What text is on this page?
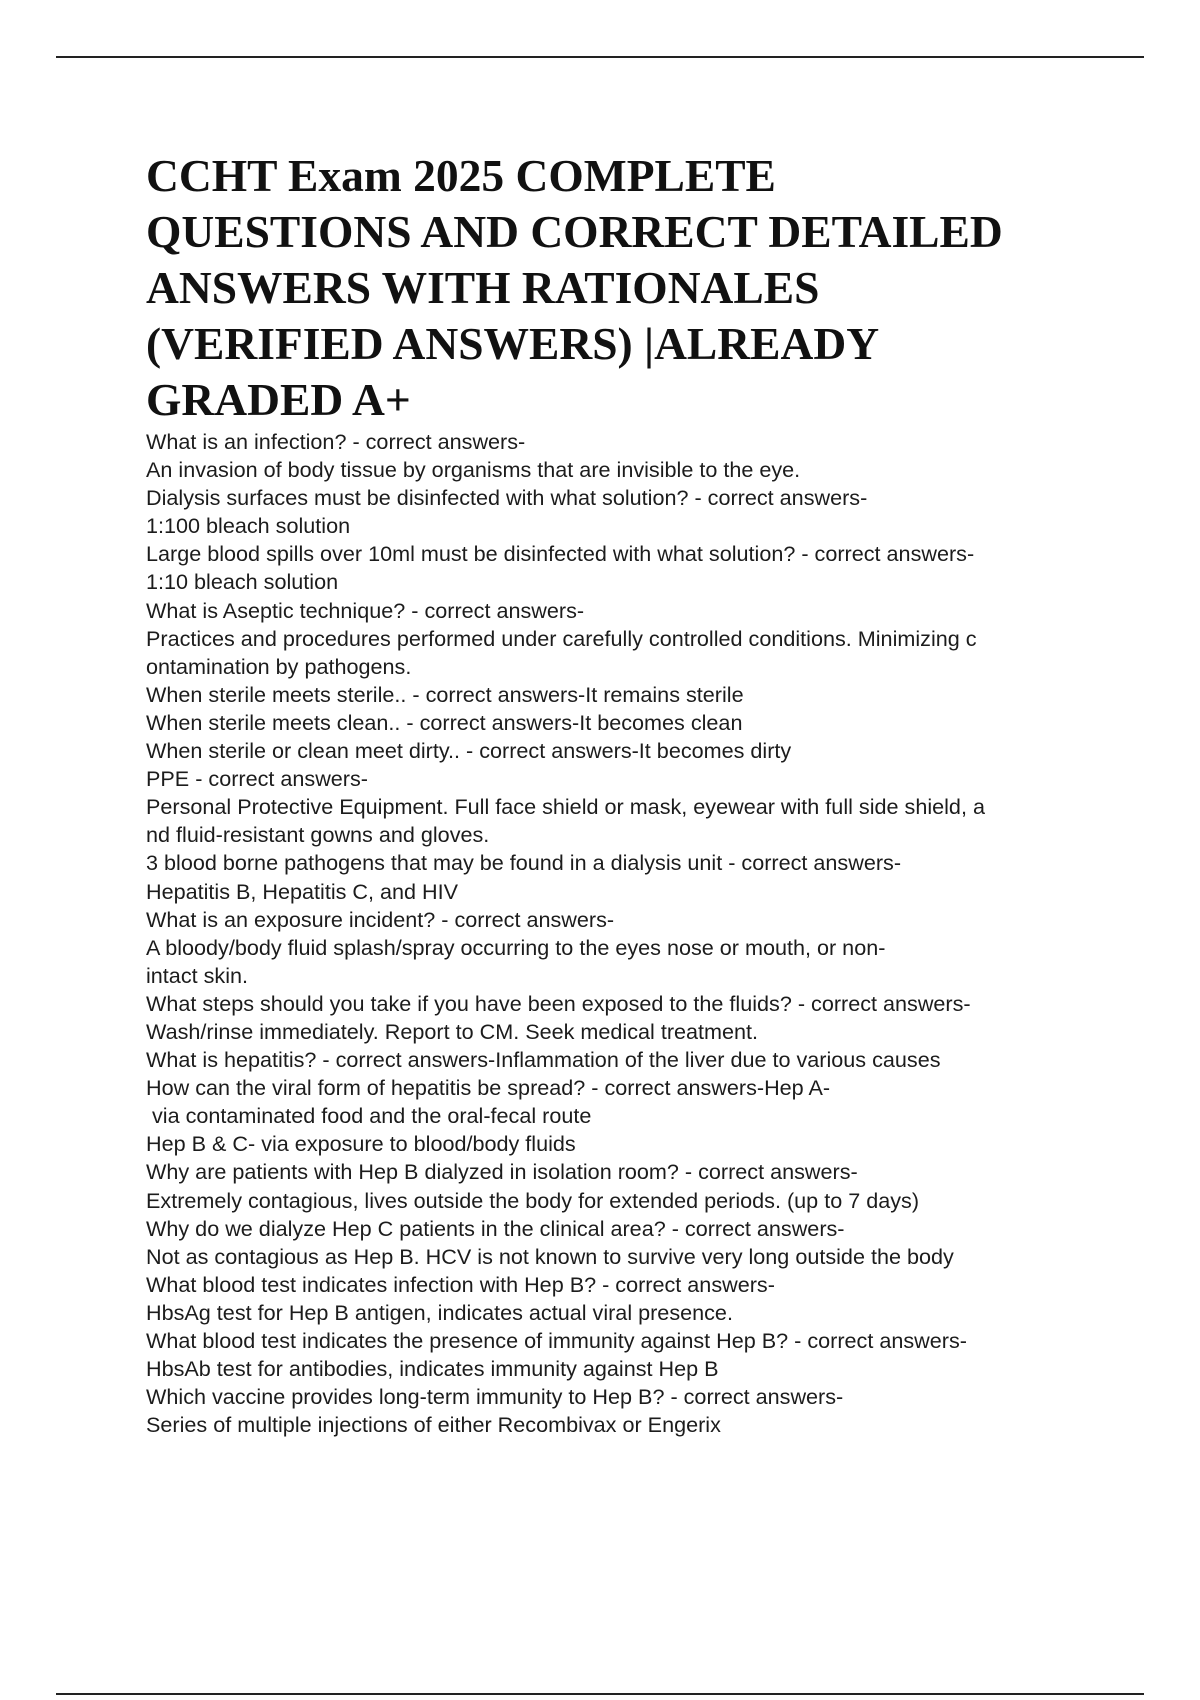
CCHT Exam 2025 COMPLETE
QUESTIONS AND CORRECT DETAILED
ANSWERS WITH RATIONALES
(VERIFIED ANSWERS) |ALREADY
GRADED A+
What is an infection? - correct answers-
An invasion of body tissue by organisms that are invisible to the eye.
Dialysis surfaces must be disinfected with what solution? - correct answers-
1:100 bleach solution
Large blood spills over 10ml must be disinfected with what solution? - correct answers-
1:10 bleach solution
What is Aseptic technique? - correct answers-
Practices and procedures performed under carefully controlled conditions. Minimizing c
ontamination by pathogens.
When sterile meets sterile.. - correct answers-It remains sterile
When sterile meets clean.. - correct answers-It becomes clean
When sterile or clean meet dirty.. - correct answers-It becomes dirty
PPE - correct answers-
Personal Protective Equipment. Full face shield or mask, eyewear with full side shield, a
nd fluid-resistant gowns and gloves.
3 blood borne pathogens that may be found in a dialysis unit - correct answers-
Hepatitis B, Hepatitis C, and HIV
What is an exposure incident? - correct answers-
A bloody/body fluid splash/spray occurring to the eyes nose or mouth, or non-
intact skin.
What steps should you take if you have been exposed to the fluids? - correct answers-
Wash/rinse immediately. Report to CM. Seek medical treatment.
What is hepatitis? - correct answers-Inflammation of the liver due to various causes
How can the viral form of hepatitis be spread? - correct answers-Hep A-
via contaminated food and the oral-fecal route
Hep B & C- via exposure to blood/body fluids
Why are patients with Hep B dialyzed in isolation room? - correct answers-
Extremely contagious, lives outside the body for extended periods. (up to 7 days)
Why do we dialyze Hep C patients in the clinical area? - correct answers-
Not as contagious as Hep B. HCV is not known to survive very long outside the body
What blood test indicates infection with Hep B? - correct answers-
HbsAg test for Hep B antigen, indicates actual viral presence.
What blood test indicates the presence of immunity against Hep B? - correct answers-
HbsAb test for antibodies, indicates immunity against Hep B
Which vaccine provides long-term immunity to Hep B? - correct answers-
Series of multiple injections of either Recombivax or Engerix
